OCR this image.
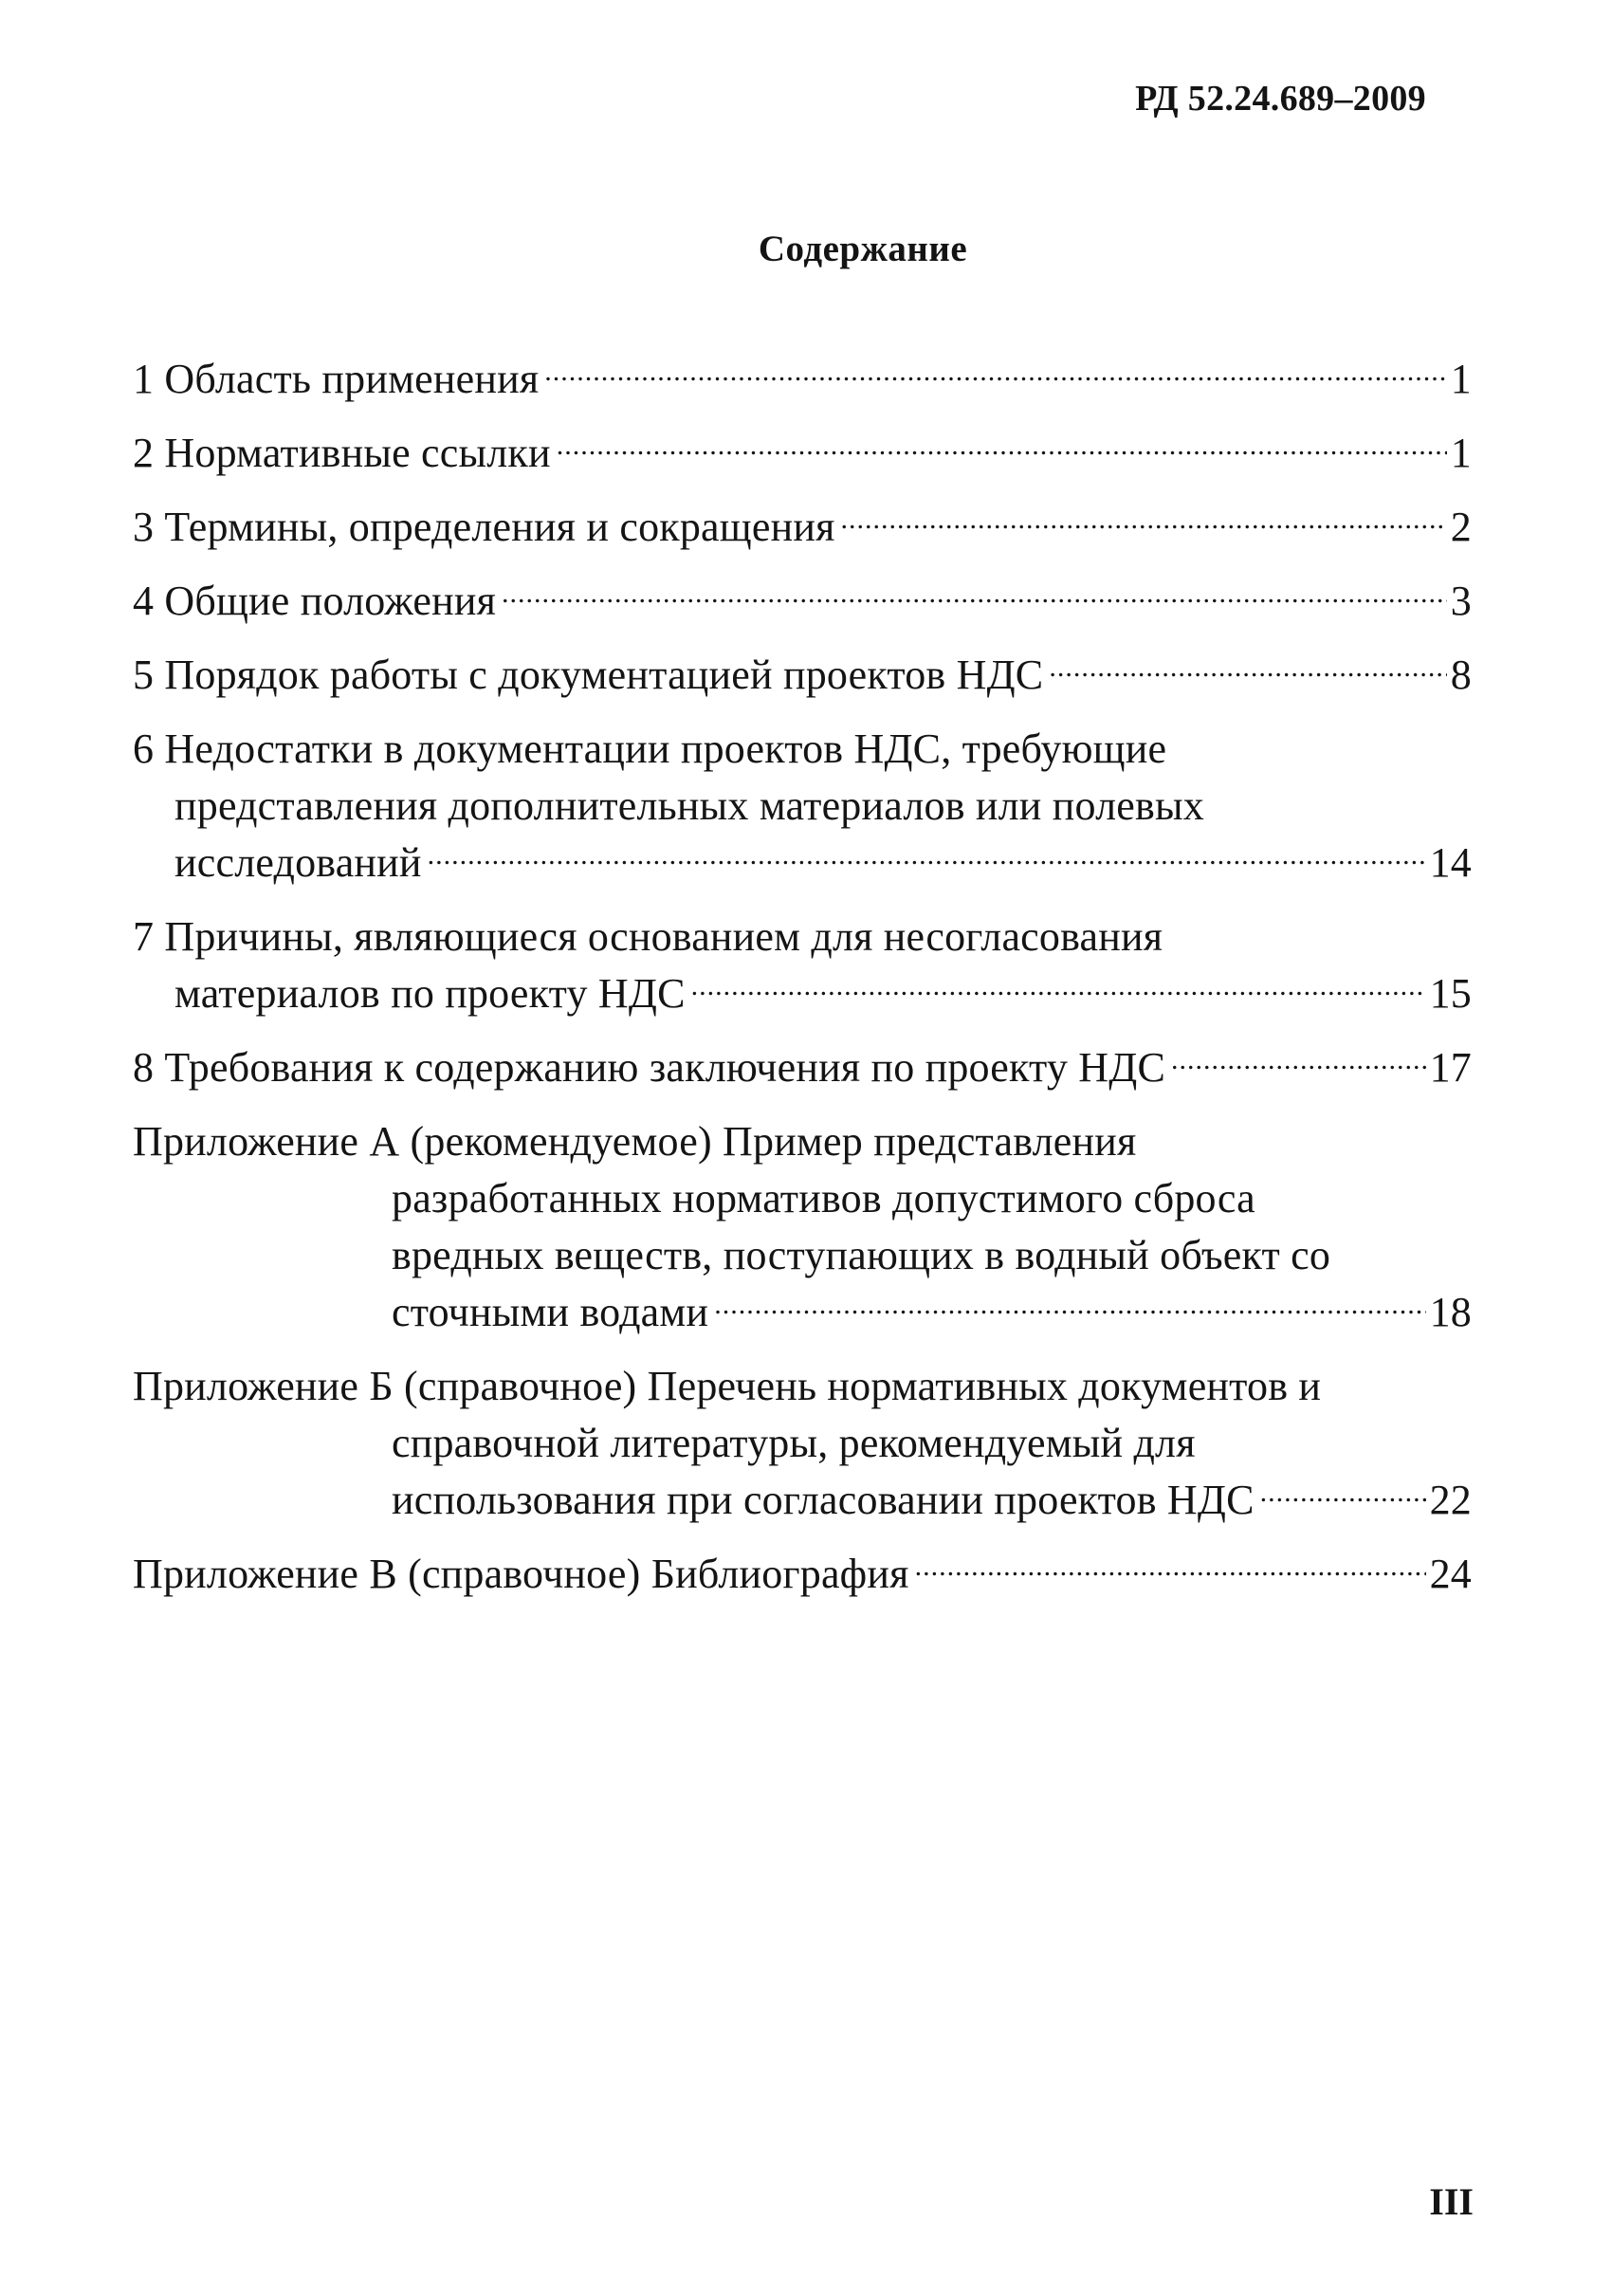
РД 52.24.689–2009
Содержание
1 Область применения .....	1
2 Нормативные ссылки .....	1
3 Термины, определения и сокращения .....	2
4 Общие положения .....	3
5 Порядок работы с документацией проектов НДС .....	8
6 Недостатки в документации проектов НДС, требующие
представления дополнительных материалов или полевых
исследований .....	14
7 Причины, являющиеся основанием для несогласования
материалов по проекту НДС .....	15
8 Требования к содержанию заключения по проекту НДС .....	17
Приложение А (рекомендуемое) Пример представления
разработанных нормативов допустимого сброса
вредных веществ, поступающих в водный объект со
сточными водами .....	18
Приложение Б (справочное) Перечень нормативных документов и
справочной литературы, рекомендуемый для
использования при согласовании проектов НДС .....	22
Приложение В (справочное) Библиография .....	24
III
